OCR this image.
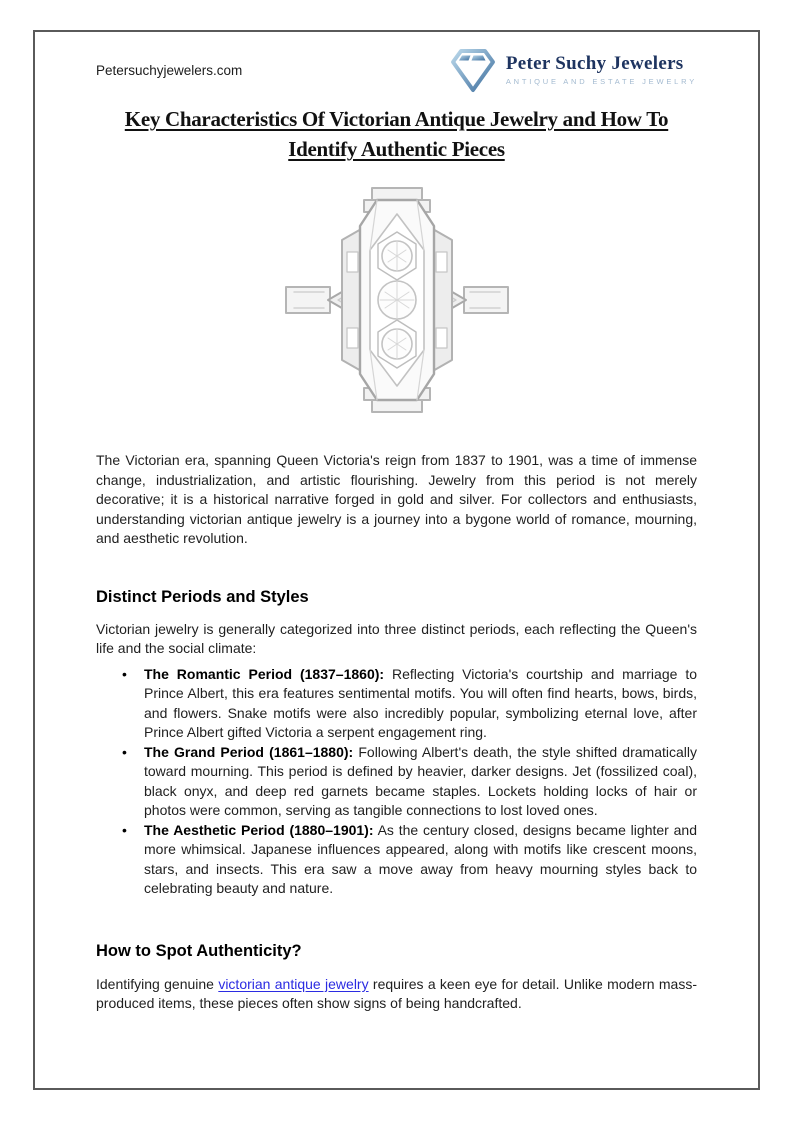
Petersuchyjewelers.com	Peter Suchy Jewelers
ANTIQUE AND ESTATE JEWELRY
Key Characteristics Of Victorian Antique Jewelry and How To
Identify Authentic Pieces

The Victorian era, spanning Queen Victoria's reign from 1837 to 1901, was a time of immense change, industrialization, and artistic flourishing. Jewelry from this period is not merely decorative; it is a historical narrative forged in gold and silver. For collectors and enthusiasts, understanding victorian antique jewelry is a journey into a bygone world of romance, mourning, and aesthetic revolution.

Distinct Periods and Styles

Victorian jewelry is generally categorized into three distinct periods, each reflecting the Queen's life and the social climate:

• The Romantic Period (1837–1860): Reflecting Victoria's courtship and marriage to Prince Albert, this era features sentimental motifs. You will often find hearts, bows, birds, and flowers. Snake motifs were also incredibly popular, symbolizing eternal love, after Prince Albert gifted Victoria a serpent engagement ring.
• The Grand Period (1861–1880): Following Albert's death, the style shifted dramatically toward mourning. This period is defined by heavier, darker designs. Jet (fossilized coal), black onyx, and deep red garnets became staples. Lockets holding locks of hair or photos were common, serving as tangible connections to lost loved ones.
• The Aesthetic Period (1880–1901): As the century closed, designs became lighter and more whimsical. Japanese influences appeared, along with motifs like crescent moons, stars, and insects. This era saw a move away from heavy mourning styles back to celebrating beauty and nature.
How to Spot Authenticity?

Identifying genuine victorian antique jewelry requires a keen eye for detail. Unlike modern mass-produced items, these pieces often show signs of being handcrafted.
